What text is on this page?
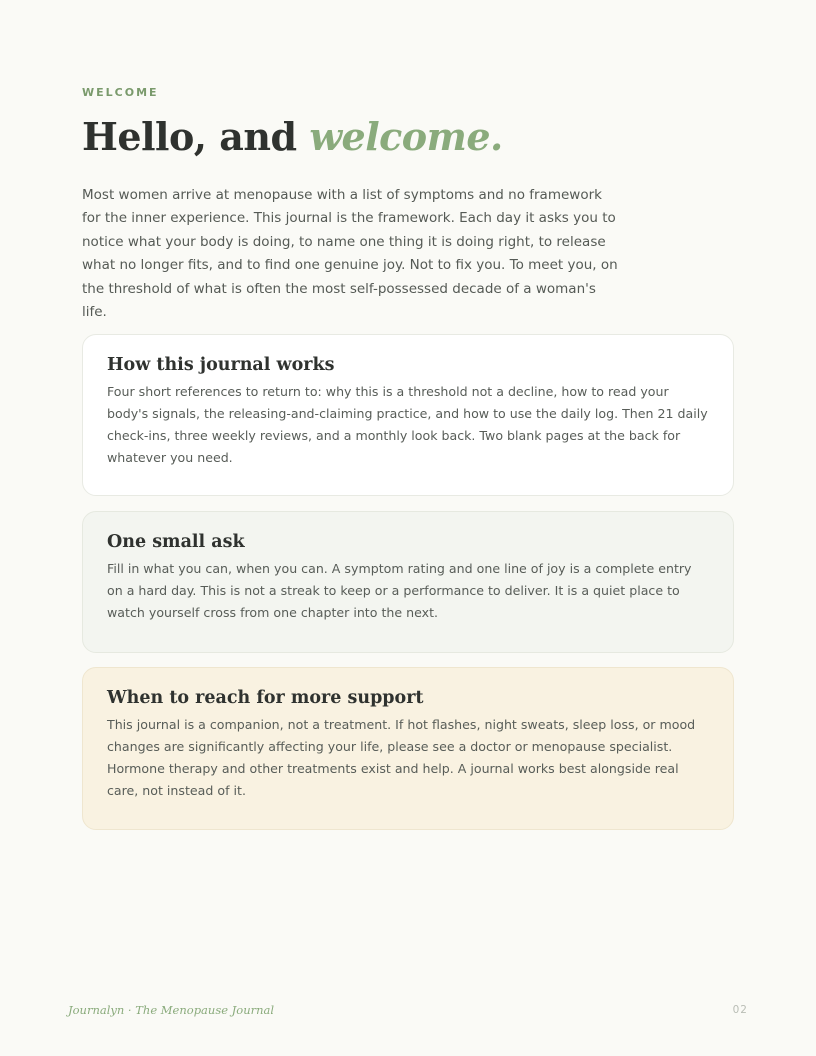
WELCOME
Hello, and welcome.

Most women arrive at menopause with a list of symptoms and no framework for the inner experience. This journal is the framework. Each day it asks you to notice what your body is doing, to name one thing it is doing right, to release what no longer fits, and to find one genuine joy. Not to fix you. To meet you, on the threshold of what is often the most self-possessed decade of a woman's life.

How this journal works

Four short references to return to: why this is a threshold not a decline, how to read your body's signals, the releasing-and-claiming practice, and how to use the daily log. Then 21 daily check-ins, three weekly reviews, and a monthly look back. Two blank pages at the back for whatever you need.

One small ask

Fill in what you can, when you can. A symptom rating and one line of joy is a complete entry on a hard day. This is not a streak to keep or a performance to deliver. It is a quiet place to watch yourself cross from one chapter into the next.

When to reach for more support

This journal is a companion, not a treatment. If hot flashes, night sweats, sleep loss, or mood changes are significantly affecting your life, please see a doctor or menopause specialist. Hormone therapy and other treatments exist and help. A journal works best alongside real care, not instead of it.

Journalyn · The Menopause Journal	02
